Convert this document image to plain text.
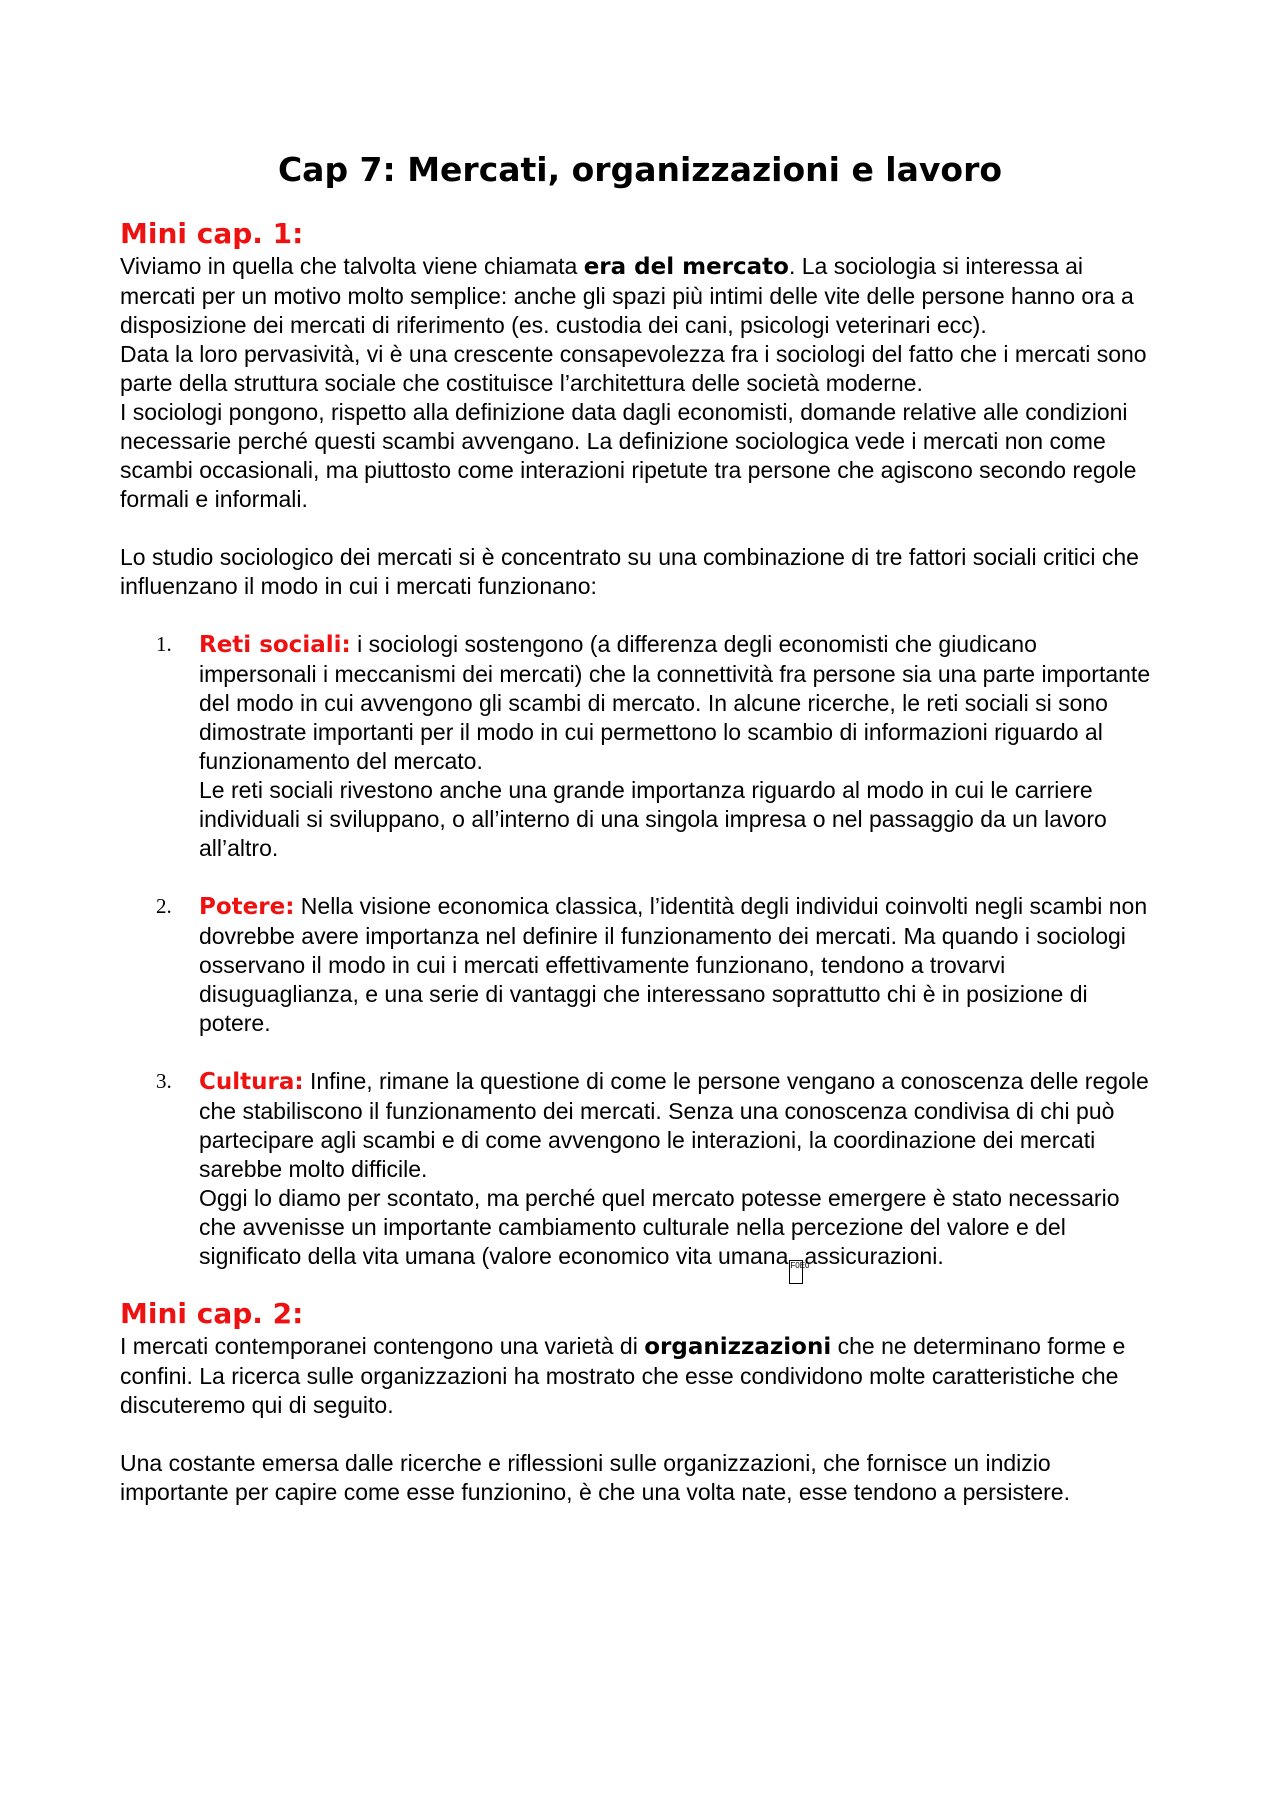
Cap 7: Mercati, organizzazioni e lavoro
Mini cap. 1:

Viviamo in quella che talvolta viene chiamata era del mercato. La sociologia si interessa ai mercati per un motivo molto semplice: anche gli spazi più intimi delle vite delle persone hanno ora a disposizione dei mercati di riferimento (es. custodia dei cani, psicologi veterinari ecc).

Data la loro pervasività, vi è una crescente consapevolezza fra i sociologi del fatto che i mercati sono parte della struttura sociale che costituisce l’architettura delle società moderne.

I sociologi pongono, rispetto alla definizione data dagli economisti, domande relative alle condizioni necessarie perché questi scambi avvengano. La definizione sociologica vede i mercati non come scambi occasionali, ma piuttosto come interazioni ripetute tra persone che agiscono secondo regole formali e informali.

Lo studio sociologico dei mercati si è concentrato su una combinazione di tre fattori sociali critici che influenzano il modo in cui i mercati funzionano:

1. Reti sociali: i sociologi sostengono (a differenza degli economisti che giudicano impersonali i meccanismi dei mercati) che la connettività fra persone sia una parte importante del modo in cui avvengono gli scambi di mercato. In alcune ricerche, le reti sociali si sono dimostrate importanti per il modo in cui permettono lo scambio di informazioni riguardo al funzionamento del mercato.
Le reti sociali rivestono anche una grande importanza riguardo al modo in cui le carriere individuali si sviluppano, o all’interno di una singola impresa o nel passaggio da un lavoro all’altro.
2. Potere: Nella visione economica classica, l’identità degli individui coinvolti negli scambi non dovrebbe avere importanza nel definire il funzionamento dei mercati. Ma quando i sociologi osservano il modo in cui i mercati effettivamente funzionano, tendono a trovarvi disuguaglianza, e una serie di vantaggi che interessano soprattutto chi è in posizione di potere.
3. Cultura: Infine, rimane la questione di come le persone vengano a conoscenza delle regole che stabiliscono il funzionamento dei mercati. Senza una conoscenza condivisa di chi può partecipare agli scambi e di come avvengono le interazioni, la coordinazione dei mercati sarebbe molto difficile.
Oggi lo diamo per scontato, ma perché quel mercato potesse emergere è stato necessario che avvenisse un importante cambiamento culturale nella percezione del valore e del significato della vita umana (valore economico vita umana F0E0assicurazioni.
Mini cap. 2:

I mercati contemporanei contengono una varietà di organizzazioni che ne determinano forme e confini. La ricerca sulle organizzazioni ha mostrato che esse condividono molte caratteristiche che discuteremo qui di seguito.

Una costante emersa dalle ricerche e riflessioni sulle organizzazioni, che fornisce un indizio importante per capire come esse funzionino, è che una volta nate, esse tendono a persistere.
